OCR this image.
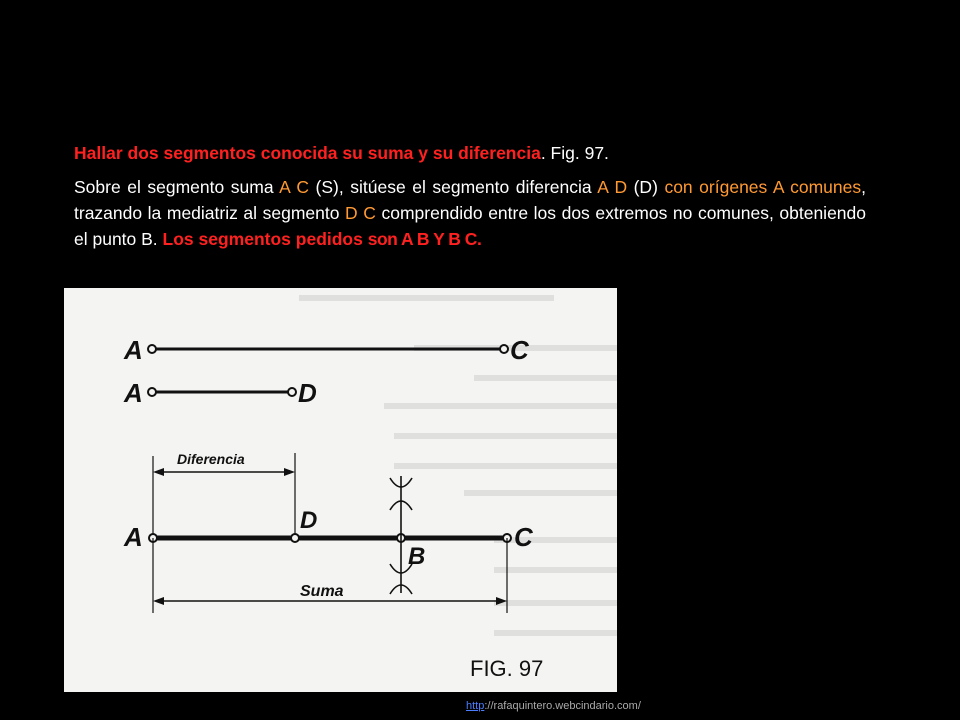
Hallar dos segmentos conocida su suma y su diferencia. Fig. 97.

Sobre el segmento suma A C (S), sitúese el segmento diferencia A D (D) con orígenes A comunes, trazando la mediatriz al segmento D C comprendido entre los dos extremos no comunes, obteniendo el punto B. Los segmentos pedidos son A B Y B C.

A	C
A	D
Diferencia
A
D
B
C
Suma
FIG. 97
http://rafaquintero.webcindario.com/
